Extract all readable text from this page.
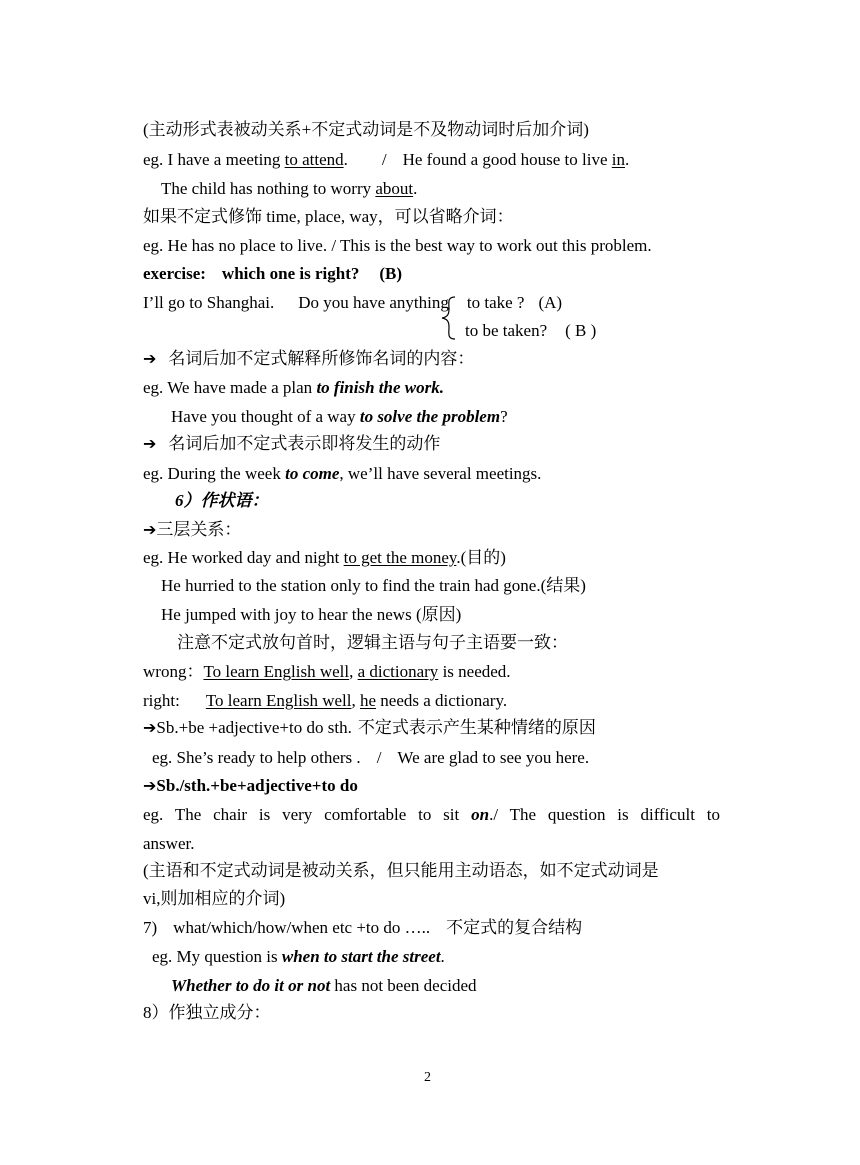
(主动形式表被动关系+不定式动词是不及物动词时后加介词)
eg. I have a meeting to attend. / He found a good house to live in.
The child has nothing to worry about.
如果不定式修饰 time, place, way，可以省略介词：
eg. He has no place to live. / This is the best way to work out this problem.
exercise: which one is right? (B)
I’ll go to Shanghai. Do you have anything to take ? (A)
to be taken? ( B )
➔ 名词后加不定式解释所修饰名词的内容：
eg. We have made a plan to finish the work.
Have you thought of a way to solve the problem?
➔ 名词后加不定式表示即将发生的动作
eg. During the week to come, we’ll have several meetings.
6）作状语：
➔三层关系：
eg. He worked day and night to get the money.(目的)
He hurried to the station only to find the train had gone.(结果)
He jumped with joy to hear the news (原因)
注意不定式放句首时，逻辑主语与句子主语要一致：
wrong：To learn English well, a dictionary is needed.
right: To learn English well, he needs a dictionary.
➔Sb.+be +adjective+to do sth. 不定式表示产生某种情绪的原因
eg. She’s ready to help others . / We are glad to see you here.
➔Sb./sth.+be+adjective+to do
eg. The chair is very comfortable to sit on./ The question is difficult to
answer.
(主语和不定式动词是被动关系，但只能用主动语态，如不定式动词是
vi,则加相应的介词)
7) what/which/how/when etc +to do ….. 不定式的复合结构
eg. My question is when to start the street.
Whether to do it or not has not been decided
8）作独立成分：
2
